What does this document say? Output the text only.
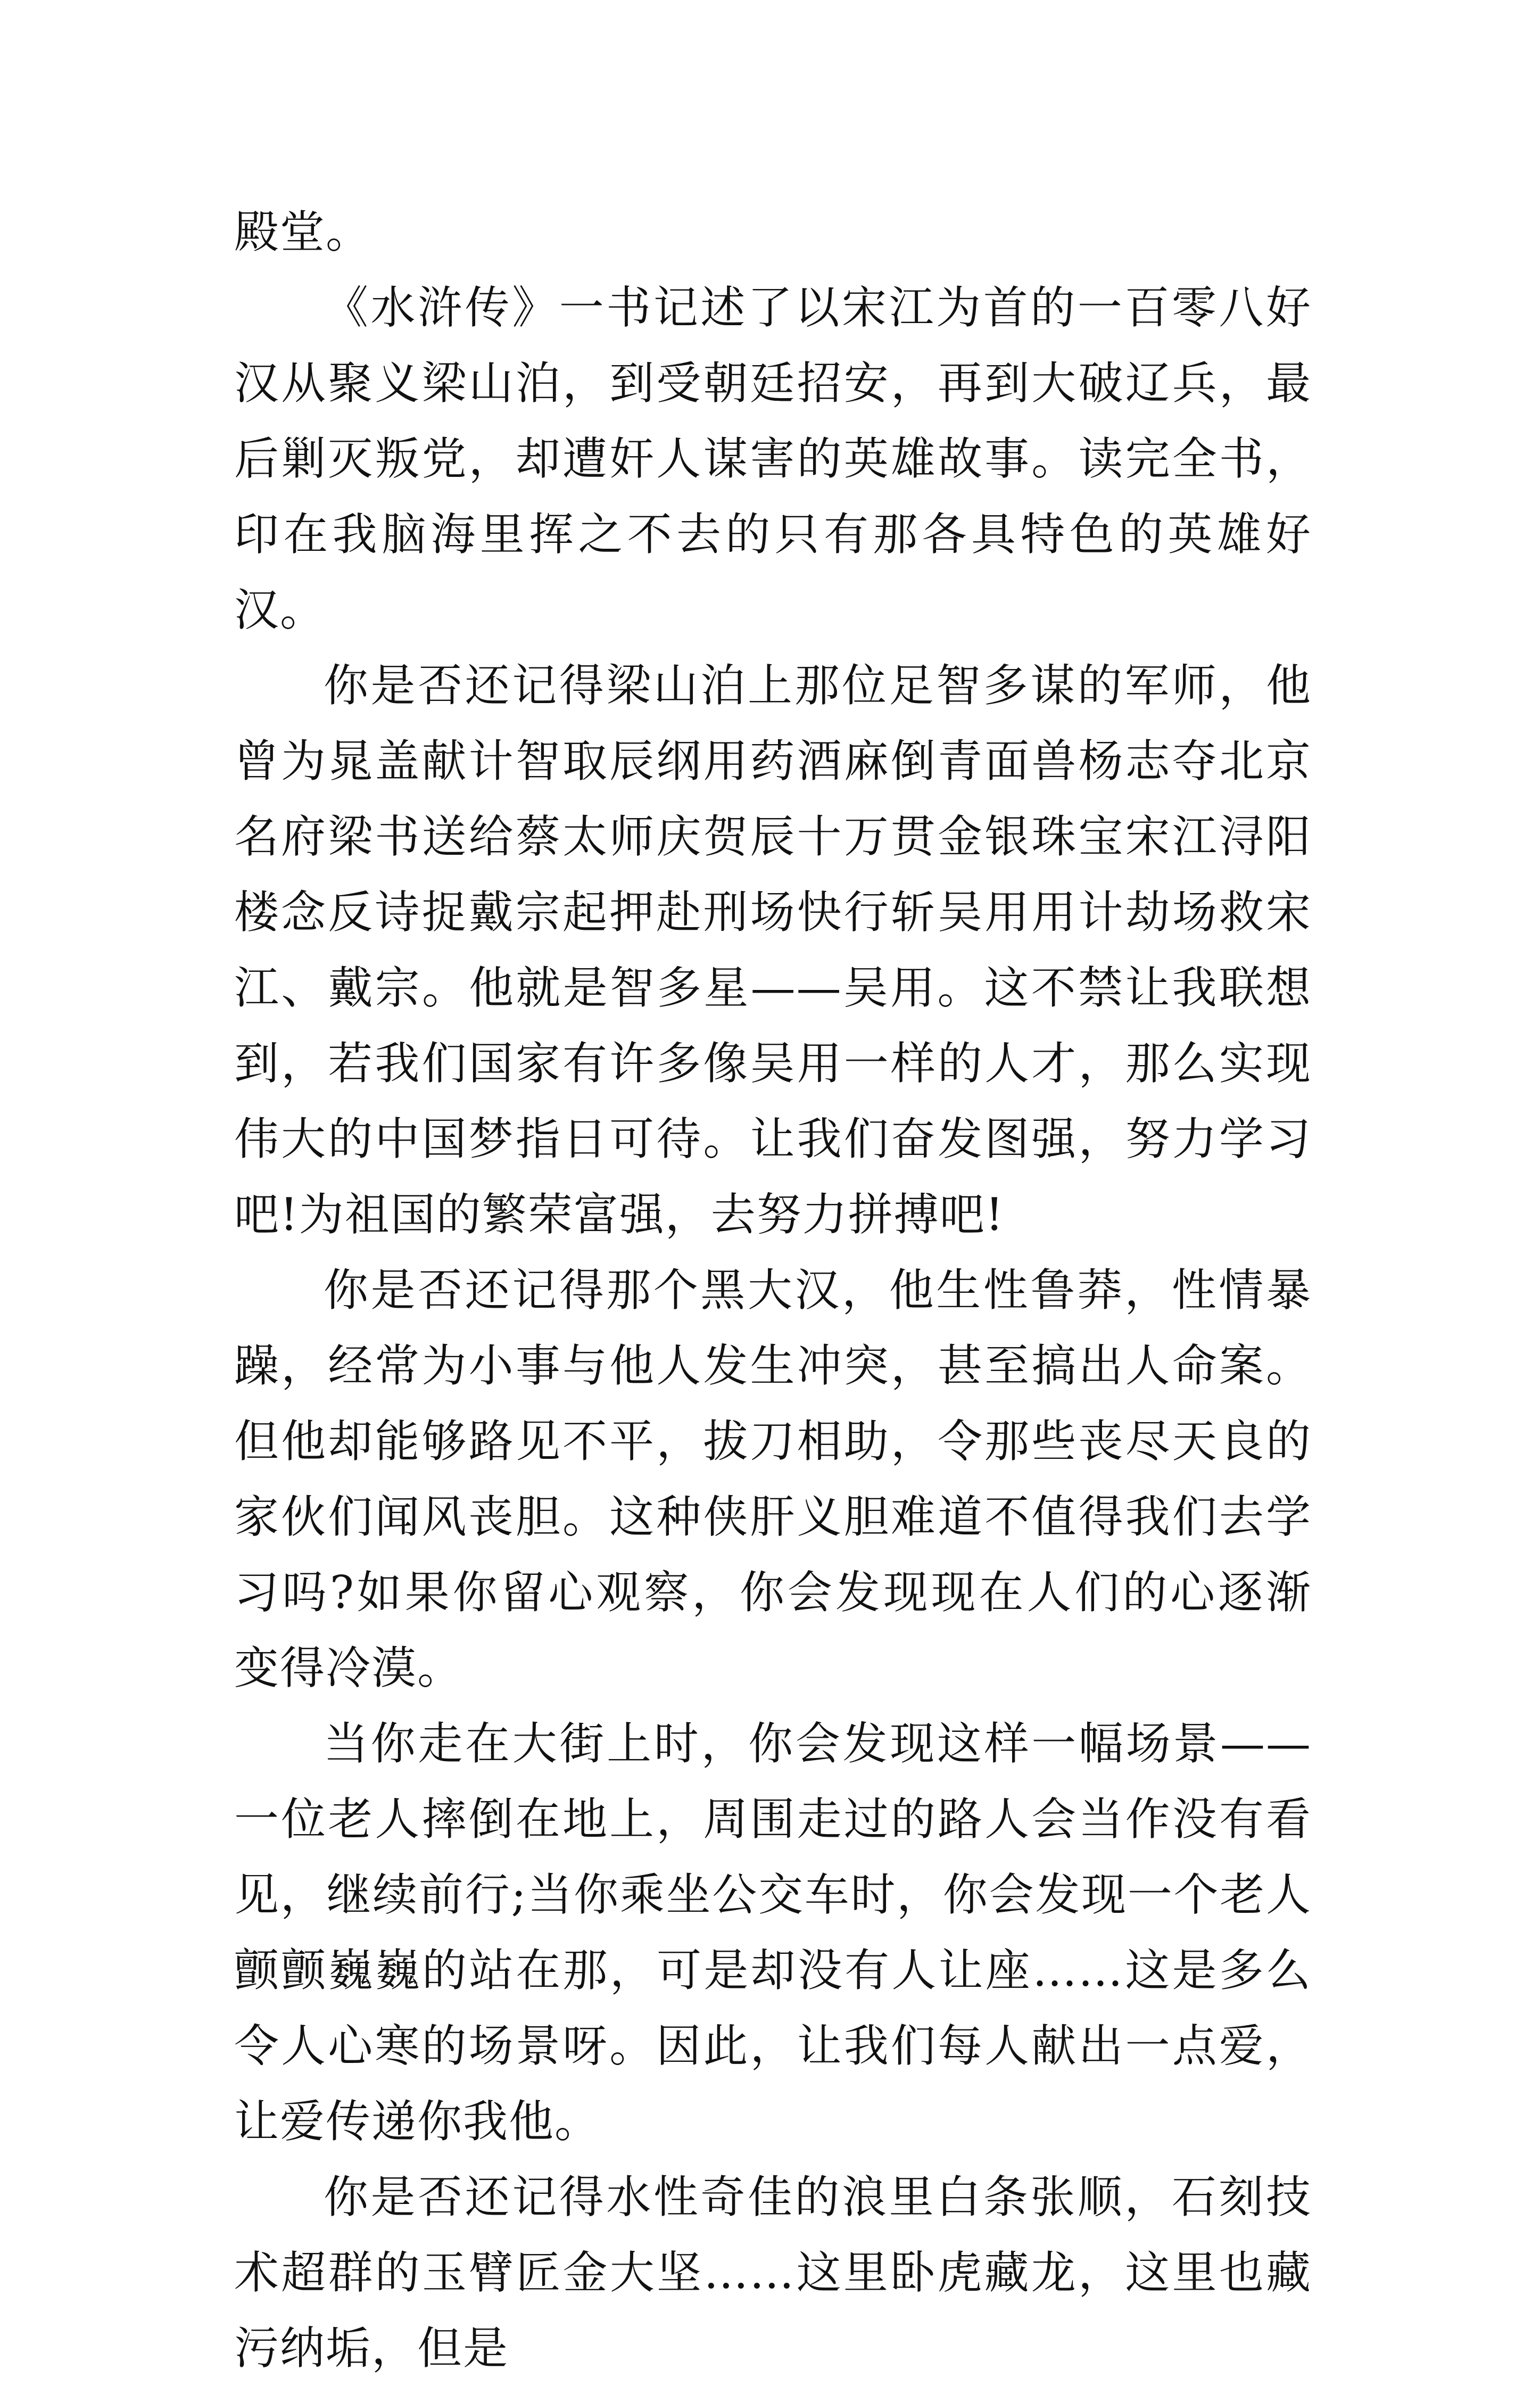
殿堂。

《水浒传》一书记述了以宋江为首的一百零八好汉从聚义梁山泊，到受朝廷招安，再到大破辽兵，最后剿灭叛党，却遭奸人谋害的英雄故事。读完全书，印在我脑海里挥之不去的只有那各具特色的英雄好汉。

你是否还记得梁山泊上那位足智多谋的军师，他曾为晁盖献计智取辰纲用药酒麻倒青面兽杨志夺北京名府梁书送给蔡太师庆贺辰十万贯金银珠宝宋江浔阳楼念反诗捉戴宗起押赴刑场快行斩吴用用计劫场救宋江、戴宗。他就是智多星——吴用。这不禁让我联想到，若我们国家有许多像吴用一样的人才，那么实现伟大的中国梦指日可待。让我们奋发图强，努力学习吧!为祖国的繁荣富强，去努力拼搏吧!

你是否还记得那个黑大汉，他生性鲁莽，性情暴躁，经常为小事与他人发生冲突，甚至搞出人命案。但他却能够路见不平，拔刀相助，令那些丧尽天良的家伙们闻风丧胆。这种侠肝义胆难道不值得我们去学习吗?如果你留心观察，你会发现现在人们的心逐渐变得冷漠。

当你走在大街上时，你会发现这样一幅场景——一位老人摔倒在地上，周围走过的路人会当作没有看见，继续前行;当你乘坐公交车时，你会发现一个老人颤颤巍巍的站在那，可是却没有人让座……这是多么令人心寒的场景呀。因此，让我们每人献出一点爱，让爱传递你我他。

你是否还记得水性奇佳的浪里白条张顺，石刻技术超群的玉臂匠金大坚……这里卧虎藏龙，这里也藏污纳垢，但是
